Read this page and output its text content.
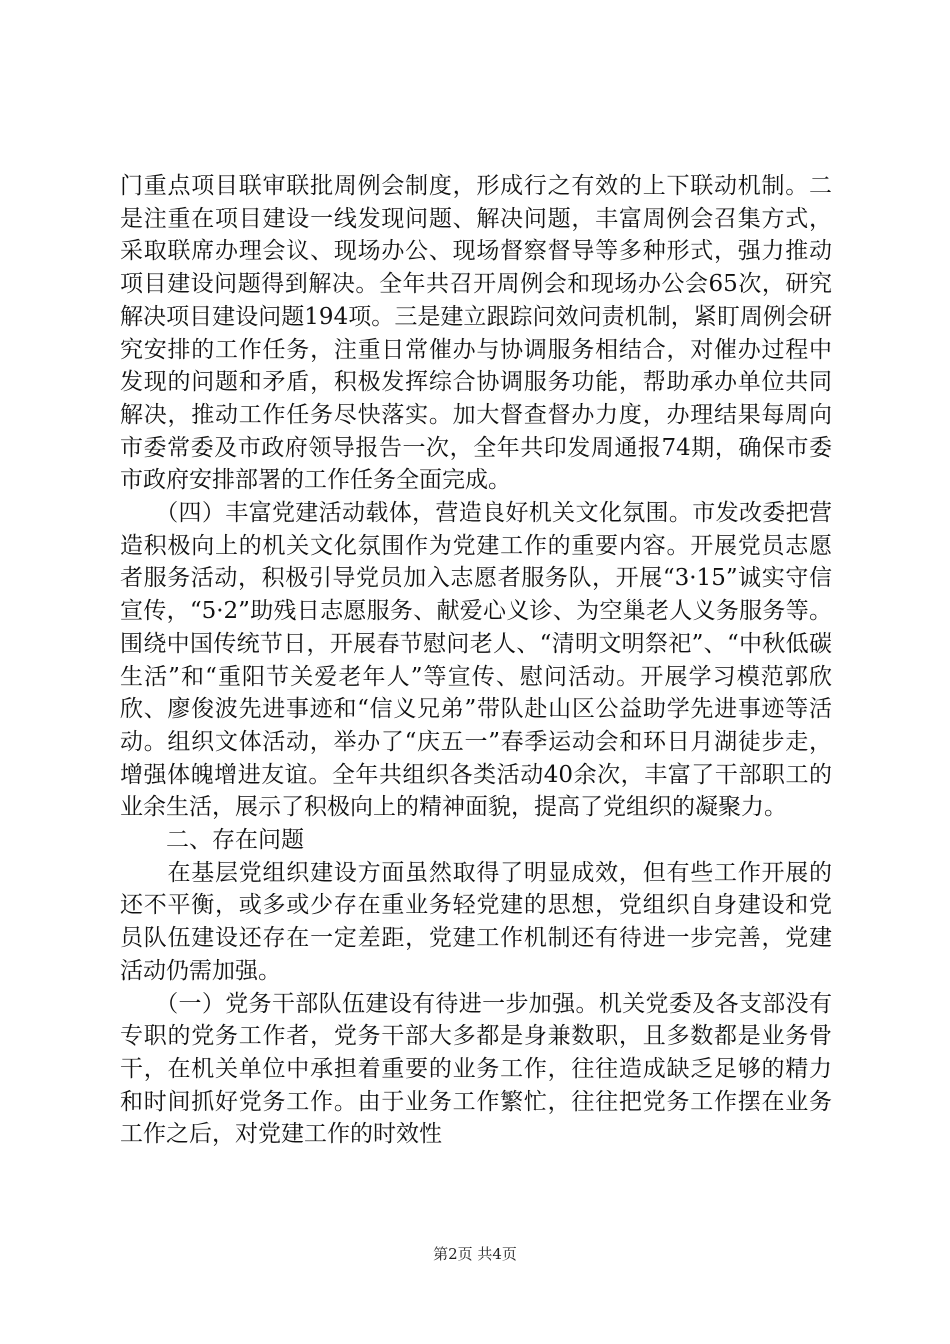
门重点项目联审联批周例会制度，形成行之有效的上下联动机制。二是注重在项目建设一线发现问题、解决问题，丰富周例会召集方式，采取联席办理会议、现场办公、现场督察督导等多种形式，强力推动项目建设问题得到解决。全年共召开周例会和现场办公会65次，研究解决项目建设问题194项。三是建立跟踪问效问责机制，紧盯周例会研究安排的工作任务，注重日常催办与协调服务相结合，对催办过程中发现的问题和矛盾，积极发挥综合协调服务功能，帮助承办单位共同解决，推动工作任务尽快落实。加大督查督办力度，办理结果每周向市委常委及市政府领导报告一次，全年共印发周通报74期，确保市委市政府安排部署的工作任务全面完成。

　　（四）丰富党建活动载体，营造良好机关文化氛围。市发改委把营造积极向上的机关文化氛围作为党建工作的重要内容。开展党员志愿者服务活动，积极引导党员加入志愿者服务队，开展“3·15”诚实守信宣传，“5·2”助残日志愿服务、献爱心义诊、为空巢老人义务服务等。围绕中国传统节日，开展春节慰问老人、“清明文明祭祀”、“中秋低碳生活”和“重阳节关爱老年人”等宣传、慰问活动。开展学习模范郭欣欣、廖俊波先进事迹和“信义兄弟”带队赴山区公益助学先进事迹等活动。组织文体活动，举办了“庆五一”春季运动会和环日月湖徒步走，增强体魄增进友谊。全年共组织各类活动40余次，丰富了干部职工的业余生活，展示了积极向上的精神面貌，提高了党组织的凝聚力。

　　二、存在问题

　　在基层党组织建设方面虽然取得了明显成效，但有些工作开展的还不平衡，或多或少存在重业务轻党建的思想，党组织自身建设和党员队伍建设还存在一定差距，党建工作机制还有待进一步完善，党建活动仍需加强。

　　（一）党务干部队伍建设有待进一步加强。机关党委及各支部没有专职的党务工作者，党务干部大多都是身兼数职，且多数都是业务骨干，在机关单位中承担着重要的业务工作，往往造成缺乏足够的精力和时间抓好党务工作。由于业务工作繁忙，往往把党务工作摆在业务工作之后，对党建工作的时效性

第2页 共4页
